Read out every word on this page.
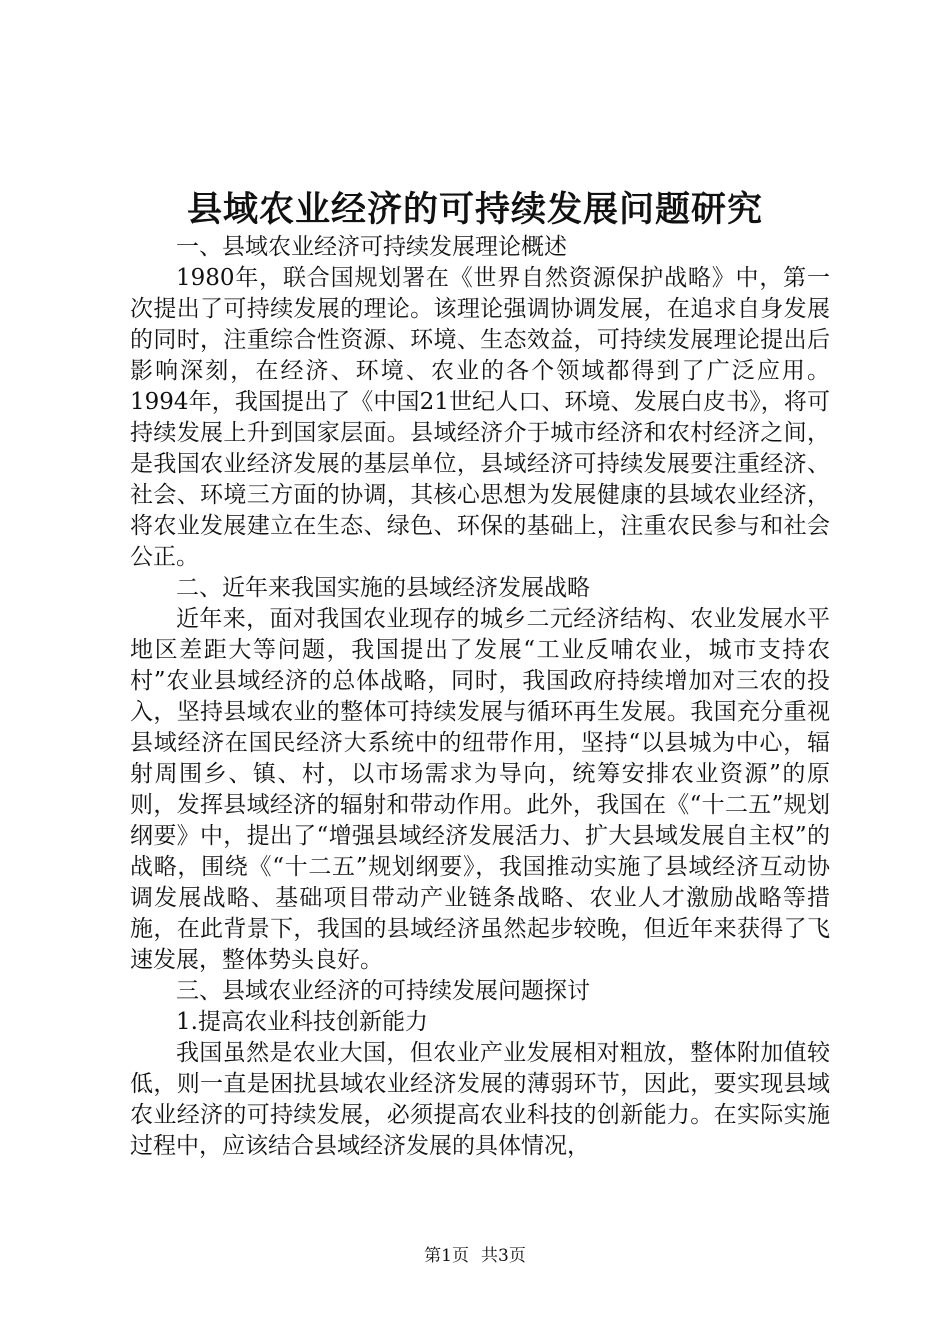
县域农业经济的可持续发展问题研究

一、县域农业经济可持续发展理论概述

1980年，联合国规划署在《世界自然资源保护战略》中，第一次提出了可持续发展的理论。该理论强调协调发展，在追求自身发展的同时，注重综合性资源、环境、生态效益，可持续发展理论提出后影响深刻，在经济、环境、农业的各个领域都得到了广泛应用。1994年，我国提出了《中国21世纪人口、环境、发展白皮书》，将可持续发展上升到国家层面。县域经济介于城市经济和农村经济之间，是我国农业经济发展的基层单位，县域经济可持续发展要注重经济、社会、环境三方面的协调，其核心思想为发展健康的县域农业经济，将农业发展建立在生态、绿色、环保的基础上，注重农民参与和社会公正。

二、近年来我国实施的县域经济发展战略

近年来，面对我国农业现存的城乡二元经济结构、农业发展水平地区差距大等问题，我国提出了发展“工业反哺农业，城市支持农村”农业县域经济的总体战略，同时，我国政府持续增加对三农的投入，坚持县域农业的整体可持续发展与循环再生发展。我国充分重视县域经济在国民经济大系统中的纽带作用，坚持“以县城为中心，辐射周围乡、镇、村，以市场需求为导向，统筹安排农业资源”的原则，发挥县域经济的辐射和带动作用。此外，我国在《“十二五”规划纲要》中，提出了“增强县域经济发展活力、扩大县域发展自主权”的战略，围绕《“十二五”规划纲要》，我国推动实施了县域经济互动协调发展战略、基础项目带动产业链条战略、农业人才激励战略等措施，在此背景下，我国的县域经济虽然起步较晚，但近年来获得了飞速发展，整体势头良好。

三、县域农业经济的可持续发展问题探讨

1.提高农业科技创新能力

我国虽然是农业大国，但农业产业发展相对粗放，整体附加值较低，则一直是困扰县域农业经济发展的薄弱环节，因此，要实现县域农业经济的可持续发展，必须提高农业科技的创新能力。在实际实施过程中，应该结合县域经济发展的具体情况，

第1页 共3页
